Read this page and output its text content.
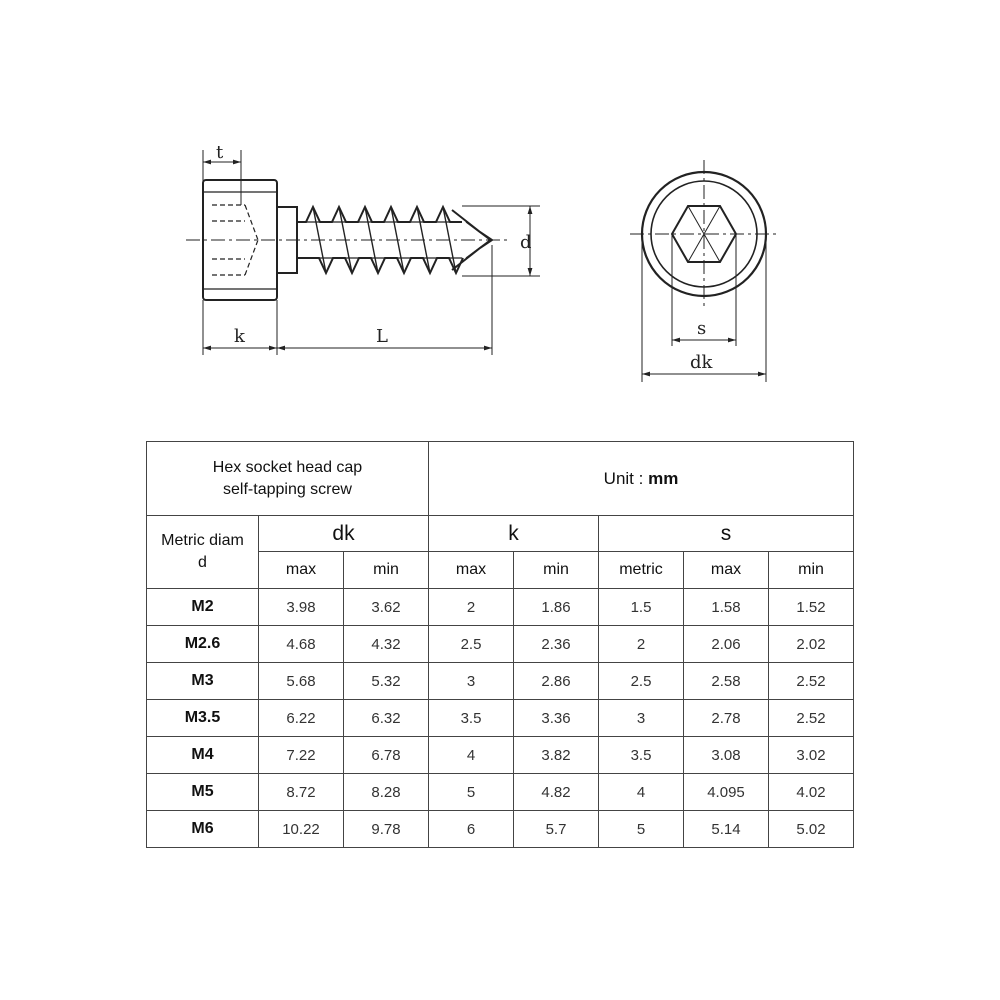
t
k	L
d
s
dk
Hex socket head cap
self-tapping screw			Unit : mm				

Metric diam
d	dk		k		s		
	max	min	max	min	metric	max	min
M2	3.98	3.62	2	1.86	1.5	1.58	1.52
M2.6	4.68	4.32	2.5	2.36	2	2.06	2.02
M3	5.68	5.32	3	2.86	2.5	2.58	2.52
M3.5	6.22	6.32	3.5	3.36	3	2.78	2.52
M4	7.22	6.78	4	3.82	3.5	3.08	3.02
M5	8.72	8.28	5	4.82	4	4.095	4.02
M6	10.22	9.78	6	5.7	5	5.14	5.02
